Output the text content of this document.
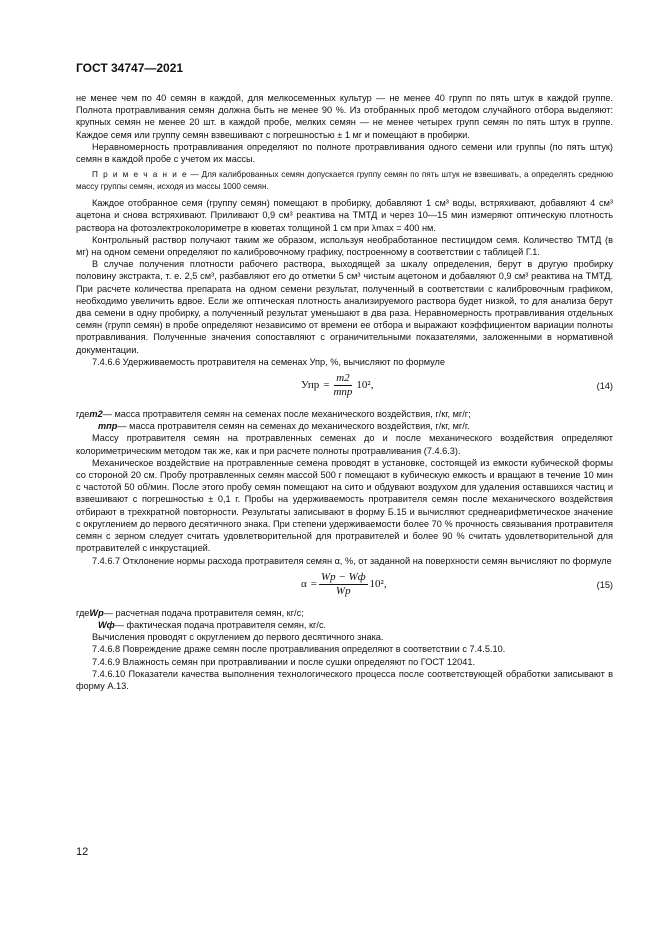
ГОСТ 34747—2021

не менее чем по 40 семян в каждой, для мелкосеменных культур — не менее 40 групп по пять штук в каждой группе. Полнота протравливания семян должна быть не менее 90 %. Из отобранных проб методом случайного отбора выделяют: крупных семян не менее 20 шт. в каждой пробе, мелких семян — не менее четырех групп семян по пять штук в группе. Каждое семя или группу семян взвешивают с погрешностью ± 1 мг и помещают в пробирки.

Неравномерность протравливания определяют по полноте протравливания одного семени или группы (по пять штук) семян в каждой пробе с учетом их массы.

П р и м е ч а н и е — Для калиброванных семян допускается группу семян по пять штук не взвешивать, а определять среднюю массу группы семян, исходя из массы 1000 семян.

Каждое отобранное семя (группу семян) помещают в пробирку, добавляют 1 см³ воды, встряхивают, добавляют 4 см³ ацетона и снова встряхивают. Приливают 0,9 см³ реактива на ТМТД и через 10—15 мин измеряют оптическую плотность раствора на фотоэлектроколориметре в кюветах толщиной 1 см при λmax = 400 нм.

Контрольный раствор получают таким же образом, используя необработанное пестицидом семя. Количество ТМТД (в мг) на одном семени определяют по калибровочному графику, построенному в соответствии с таблицей Г.1.

В случае получения плотности рабочего раствора, выходящей за шкалу определения, берут в другую пробирку половину экстракта, т. е. 2,5 см³, разбавляют его до отметки 5 см³ чистым ацетоном и добавляют 0,9 см³ реактива на ТМТД. При расчете количества препарата на одном семени результат, полученный в соответствии с калибровочным графиком, необходимо увеличить вдвое. Если же оптическая плотность анализируемого раствора будет низкой, то для анализа берут два семени в одну пробирку, а полученный результат уменьшают в два раза. Неравномерность протравливания отдельных семян (групп семян) в пробе определяют независимо от времени ее отбора и выражают коэффициентом вариации полноты протравливания. Полученные значения сопоставляют с ограничительными показателями, заложенными в нормативной документации.

7.4.6.6 Удерживаемость протравителя на семенах Упр, %, вычисляют по формуле

Упр = $\frac{m2}{\text{mпр}} 10^2$,	(14)
где m2 — масса протравителя семян на семенах после механического воздействия, г/кг, мг/г;
mпр — масса протравителя семян на семенах до механического воздействия, г/кг, мг/г.

Массу протравителя семян на протравленных семенах до и после механического воздействия определяют колориметрическим методом так же, как и при расчете полноты протравливания (7.4.6.3).

Механическое воздействие на протравленные семена проводят в установке, состоящей из емкости кубической формы со стороной 20 см. Пробу протравленных семян массой 500 г помещают в кубическую емкость и вращают в течение 10 мин с частотой 50 об/мин. После этого пробу семян помещают на сито и обдувают воздухом для удаления оставшихся частиц и взвешивают с погрешностью ± 0,1 г. Пробы на удерживаемость протравителя семян после механического воздействия отбирают в трехкратной повторности. Результаты записывают в форму Б.15 и вычисляют среднеарифметическое значение с округлением до первого десятичного знака. При степени удерживаемости более 70 % прочность связывания протравителя семян с зерном следует считать удовлетворительной для протравителей и более 90 % считать удовлетворительной для протравителей с инкрустацией.

7.4.6.7 Отклонение нормы расхода протравителя семян α, %, от заданной на поверхности семян вычисляют по формуле

$\alpha = \frac{Wр - Wф}{Wр} 10^2$,	(15)
где Wр — расчетная подача протравителя семян, кг/с;
Wф — фактическая подача протравителя семян, кг/с.

Вычисления проводят с округлением до первого десятичного знака.

7.4.6.8 Повреждение драже семян после протравливания определяют в соответствии с 7.4.5.10.

7.4.6.9 Влажность семян при протравливании и после сушки определяют по ГОСТ 12041.

7.4.6.10 Показатели качества выполнения технологического процесса после соответствующей обработки записывают в форму А.13.

12
